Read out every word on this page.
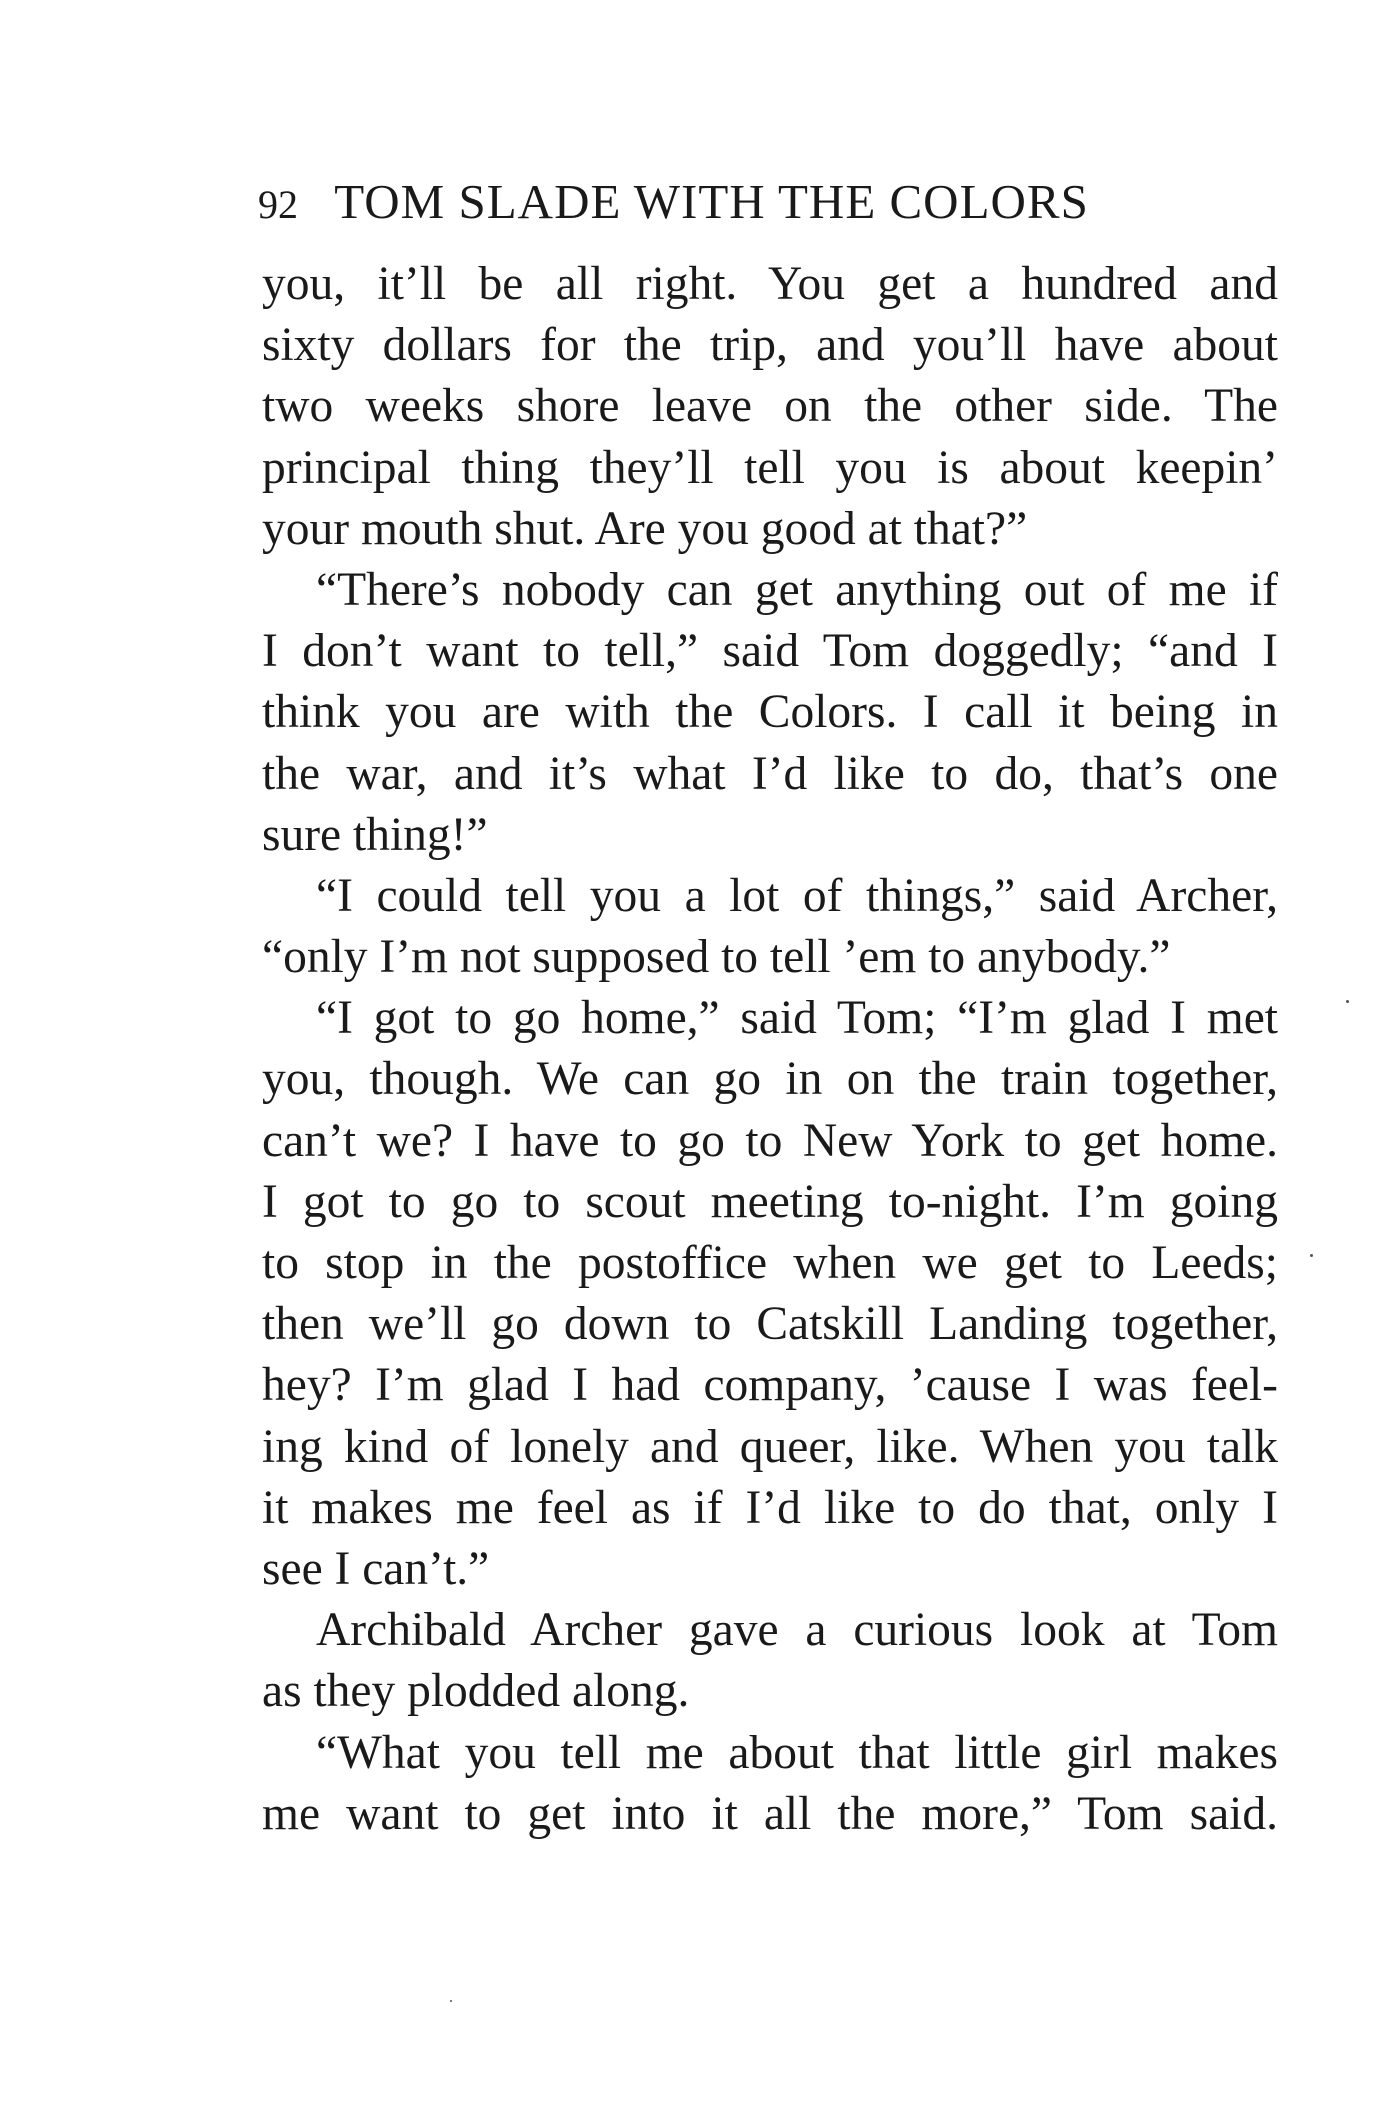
92 TOM SLADE WITH THE COLORS
you, it’ll be all right. You get a hundred and
sixty dollars for the trip, and you’ll have about
two weeks shore leave on the other side. The
principal thing they’ll tell you is about keepin’
your mouth shut. Are you good at that?”
“There’s nobody can get anything out of me if
I don’t want to tell,” said Tom doggedly; “and I
think you are with the Colors. I call it being in
the war, and it’s what I’d like to do, that’s one
sure thing!”
“I could tell you a lot of things,” said Archer,
“only I’m not supposed to tell ’em to anybody.”
“I got to go home,” said Tom; “I’m glad I met
you, though. We can go in on the train together,
can’t we? I have to go to New York to get home.
I got to go to scout meeting to-night. I’m going
to stop in the postoffice when we get to Leeds;
then we’ll go down to Catskill Landing together,
hey? I’m glad I had company, ’cause I was feel-
ing kind of lonely and queer, like. When you talk
it makes me feel as if I’d like to do that, only I
see I can’t.”
Archibald Archer gave a curious look at Tom
as they plodded along.
“What you tell me about that little girl makes
me want to get into it all the more,” Tom said.
